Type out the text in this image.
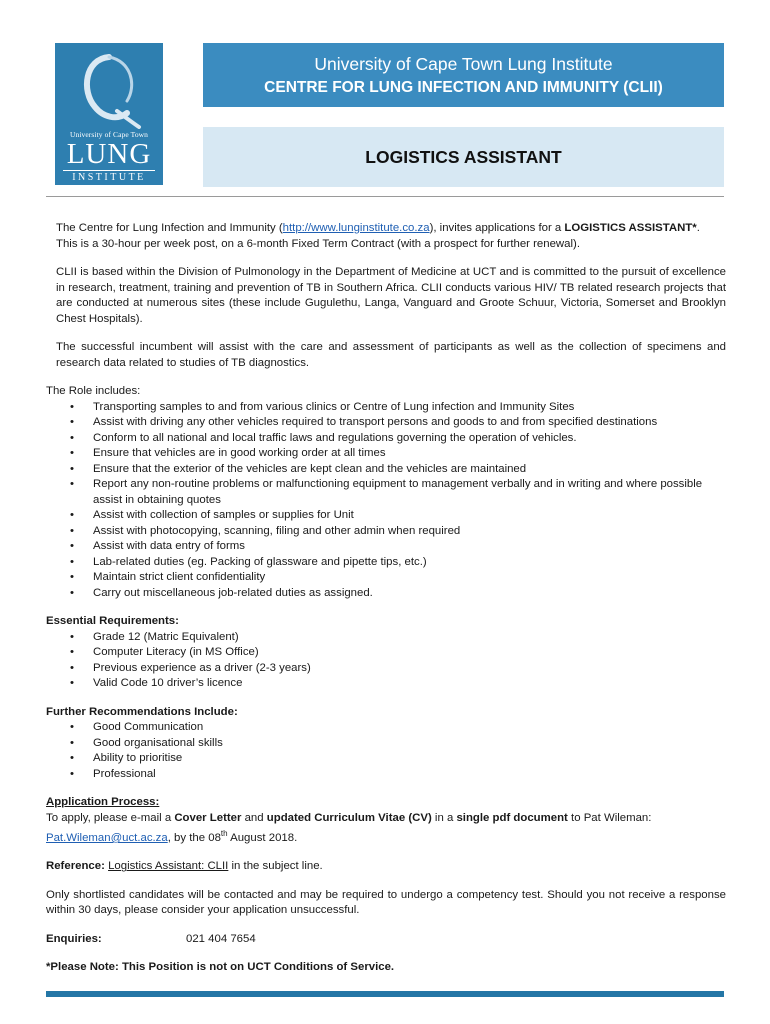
University of Cape Town
LUNG
INSTITUTE
University of Cape Town Lung Institute
CENTRE FOR LUNG INFECTION AND IMMUNITY (CLII)
LOGISTICS ASSISTANT

The Centre for Lung Infection and Immunity (http://www.lunginstitute.co.za), invites applications for a LOGISTICS ASSISTANT*.
This is a 30-hour per week post, on a 6-month Fixed Term Contract (with a prospect for further renewal).

CLII is based within the Division of Pulmonology in the Department of Medicine at UCT and is committed to the pursuit of excellence in research, treatment, training and prevention of TB in Southern Africa. CLII conducts various HIV/ TB related research projects that are conducted at numerous sites (these include Gugulethu, Langa, Vanguard and Groote Schuur, Victoria, Somerset and Brooklyn Chest Hospitals).

The successful incumbent will assist with the care and assessment of participants as well as the collection of specimens and research data related to studies of TB diagnostics.

The Role includes:

• Transporting samples to and from various clinics or Centre of Lung infection and Immunity Sites
• Assist with driving any other vehicles required to transport persons and goods to and from specified destinations
• Conform to all national and local traffic laws and regulations governing the operation of vehicles.
• Ensure that vehicles are in good working order at all times
• Ensure that the exterior of the vehicles are kept clean and the vehicles are maintained
• Report any non-routine problems or malfunctioning equipment to management verbally and in writing and where possible assist in obtaining quotes
• Assist with collection of samples or supplies for Unit
• Assist with photocopying, scanning, filing and other admin when required
• Assist with data entry of forms
• Lab-related duties (eg. Packing of glassware and pipette tips, etc.)
• Maintain strict client confidentiality
• Carry out miscellaneous job-related duties as assigned.

Essential Requirements:

• Grade 12 (Matric Equivalent)
• Computer Literacy (in MS Office)
• Previous experience as a driver (2-3 years)
• Valid Code 10 driver’s licence

Further Recommendations Include:

• Good Communication
• Good organisational skills
• Ability to prioritise
• Professional

Application Process:

To apply, please e-mail a Cover Letter and updated Curriculum Vitae (CV) in a single pdf document to Pat Wileman:
Pat.Wileman@uct.ac.za, by the 08th August 2018.

Reference: Logistics Assistant: CLII in the subject line.

Only shortlisted candidates will be contacted and may be required to undergo a competency test. Should you not receive a response within 30 days, please consider your application unsuccessful.

Enquiries:	021 404 7654

*Please Note: This Position is not on UCT Conditions of Service.
